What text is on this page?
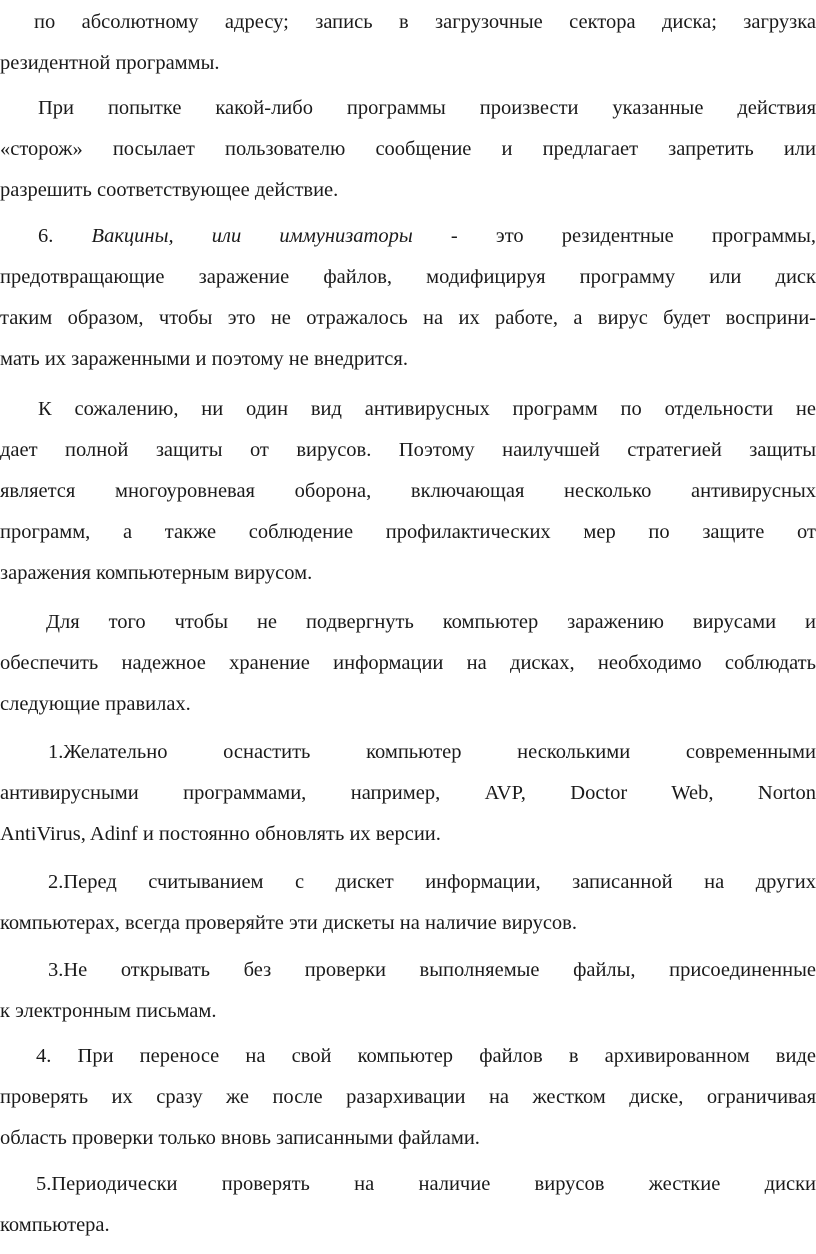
по абсолютному адресу; запись в загрузочные сектора диска; загрузка
резидентной программы.
При попытке какой-либо программы произвести указанные действия
«сторож» посылает пользователю сообщение и предлагает запретить или
разрешить соответствующее действие.
6. Вакцины, или иммунизаторы - это резидентные программы,
предотвращающие заражение файлов, модифицируя программу или диск
таким образом, чтобы это не отражалось на их работе, а вирус будет восприни-
мать их зараженными и поэтому не внедрится.
К сожалению, ни один вид антивирусных программ по отдельности не
дает полной защиты от вирусов. Поэтому наилучшей стратегией защиты
является многоуровневая оборона, включающая несколько антивирусных
программ, а также соблюдение профилактических мер по защите от
заражения компьютерным вирусом.
Для того чтобы не подвергнуть компьютер заражению вирусами и
обеспечить надежное хранение информации на дисках, необходимо соблюдать
следующие правилах.
1.Желательно оснастить компьютер несколькими современными
антивирусными программами, например, AVP, Doctor Web, Norton
AntiVirus, Adinf и постоянно обновлять их версии.
2.Перед считыванием с дискет информации, записанной на других
компьютерах, всегда проверяйте эти дискеты на наличие вирусов.
3.Не открывать без проверки выполняемые файлы, присоединенные
к электронным письмам.
4. При переносе на свой компьютер файлов в архивированном виде
проверять их сразу же после разархивации на жестком диске, ограничивая
область проверки только вновь записанными файлами.
5.Периодически проверять на наличие вирусов жесткие диски
компьютера.
